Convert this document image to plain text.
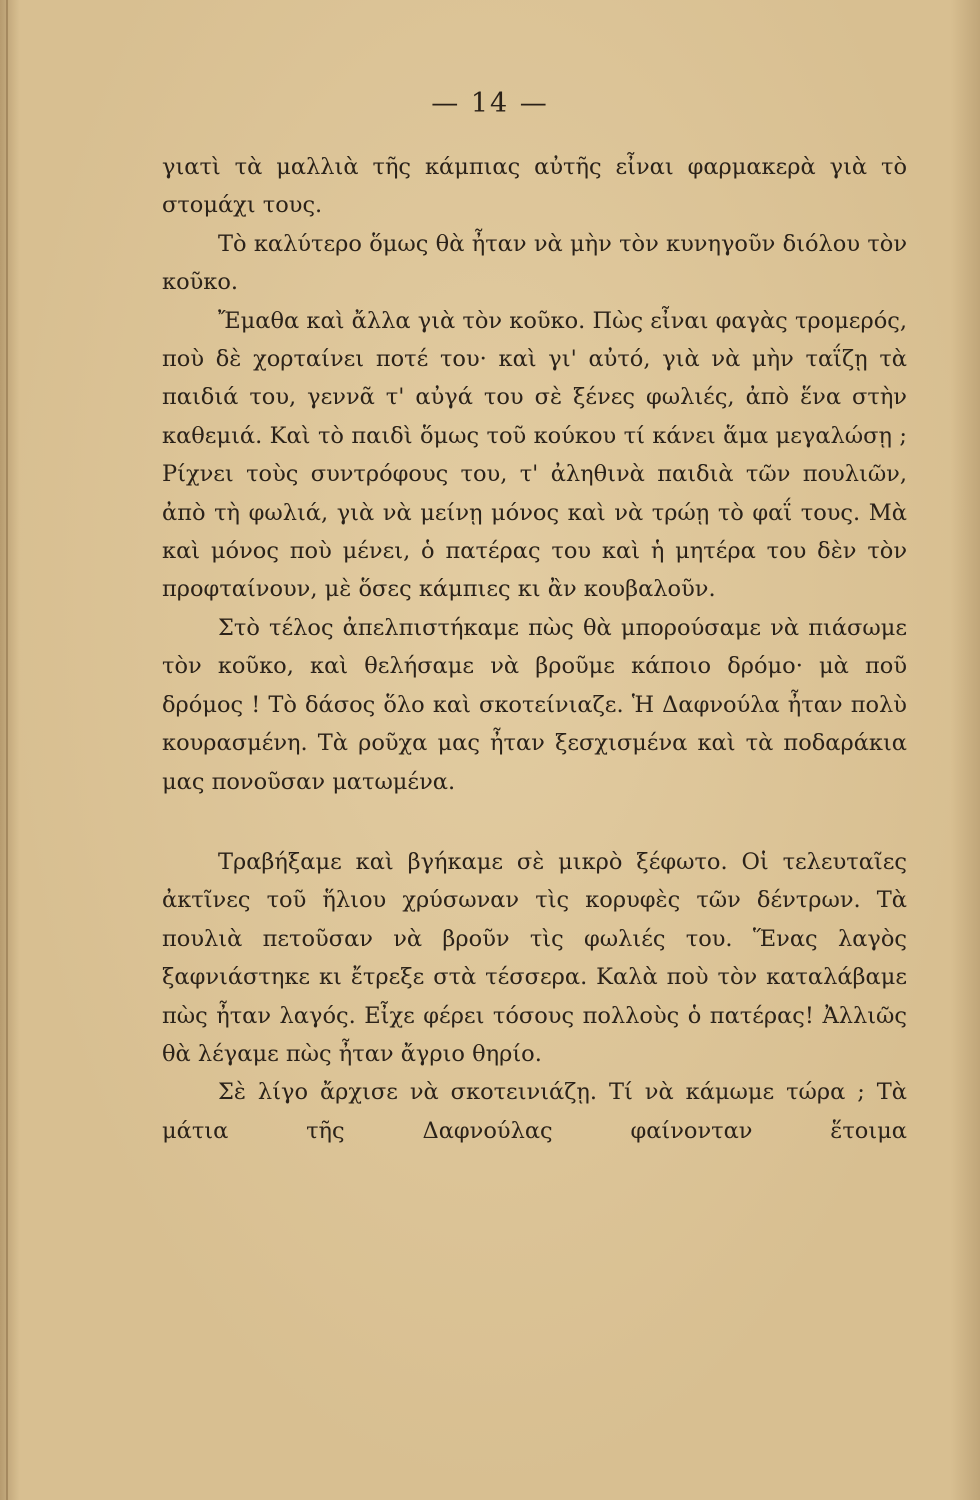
— 14 —

γιατὶ τὰ μαλλιὰ τῆς κάμπιας αὐτῆς εἶναι φαρμακερὰ γιὰ τὸ στομάχι τους.

Τὸ καλύτερο ὅμως θὰ ἦταν νὰ μὴν τὸν κυνηγοῦν διόλου τὸν κοῦκο.

Ἔμαθα καὶ ἄλλα γιὰ τὸν κοῦκο. Πὼς εἶναι φαγὰς τρομερός, ποὺ δὲ χορταίνει ποτέ του· καὶ γι' αὐτό, γιὰ νὰ μὴν ταΐζῃ τὰ παιδιά του, γεννᾶ τ' αὐγά του σὲ ξένες φωλιές, ἀπὸ ἕνα στὴν καθεμιά. Καὶ τὸ παιδὶ ὅμως τοῦ κούκου τί κάνει ἅμα μεγαλώσῃ ; Ρίχνει τοὺς συντρόφους του, τ' ἀληθινὰ παιδιὰ τῶν πουλιῶν, ἀπὸ τὴ φωλιά, γιὰ νὰ μείνῃ μόνος καὶ νὰ τρώῃ τὸ φαΐ τους. Μὰ καὶ μόνος ποὺ μένει, ὁ πατέρας του καὶ ἡ μητέρα του δὲν τὸν προφταίνουν, μὲ ὅσες κάμπιες κι ἂν κουβαλοῦν.

Στὸ τέλος ἀπελπιστήκαμε πὼς θὰ μπορούσαμε νὰ πιάσωμε τὸν κοῦκο, καὶ θελήσαμε νὰ βροῦμε κάποιο δρόμο· μὰ ποῦ δρόμος ! Τὸ δάσος ὅλο καὶ σκοτείνιαζε. Ἡ Δαφνούλα ἦταν πολὺ κουρασμένη. Τὰ ροῦχα μας ἦταν ξεσχισμένα καὶ τὰ ποδαράκια μας πονοῦσαν ματωμένα.

Τραβήξαμε καὶ βγήκαμε σὲ μικρὸ ξέφωτο. Οἱ τελευταῖες ἀκτῖνες τοῦ ἥλιου χρύσωναν τὶς κορυφὲς τῶν δέντρων. Τὰ πουλιὰ πετοῦσαν νὰ βροῦν τὶς φωλιές του. Ἕνας λαγὸς ξαφνιάστηκε κι ἔτρεξε στὰ τέσσερα. Καλὰ ποὺ τὸν καταλάβαμε πὼς ἦταν λαγός. Εἶχε φέρει τόσους πολλοὺς ὁ πατέρας! Ἀλλιῶς θὰ λέγαμε πὼς ἦταν ἄγριο θηρίο.

Σὲ λίγο ἄρχισε νὰ σκοτεινιάζῃ. Τί νὰ κάμωμε τώρα ; Τὰ μάτια τῆς Δαφνούλας φαίνονταν ἕτοιμα
